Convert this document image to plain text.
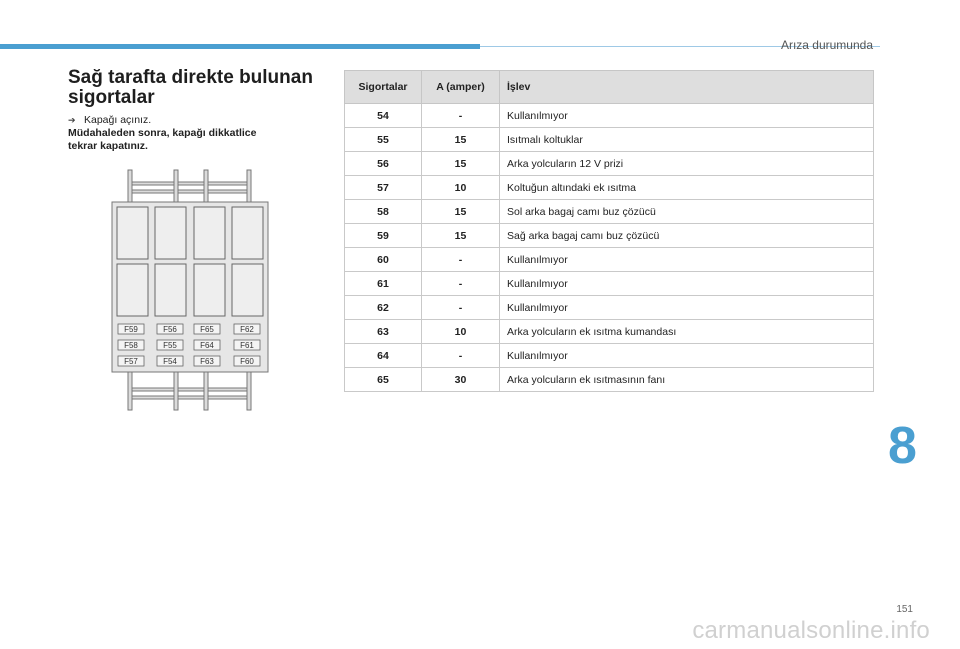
Arıza durumunda
Sağ tarafta direkte bulunan sigortalar
➔ Kapağı açınız.
Müdahaleden sonra, kapağı dikkatlice tekrar kapatınız.
F59
F58
F57
F56
F55
F54
F65
F64
F63
F62
F61
F60
Sigortalar	A (amper)	İşlev
54	-	Kullanılmıyor
55	15	Isıtmalı koltuklar
56	15	Arka yolcuların 12 V prizi
57	10	Koltuğun altındaki ek ısıtma
58	15	Sol arka bagaj camı buz çözücü
59	15	Sağ arka bagaj camı buz çözücü
60	-	Kullanılmıyor
61	-	Kullanılmıyor
62	-	Kullanılmıyor
63	10	Arka yolcuların ek ısıtma kumandası
64	-	Kullanılmıyor
65	30	Arka yolcuların ek ısıtmasının fanı
8
151
carmanualsonline.info
